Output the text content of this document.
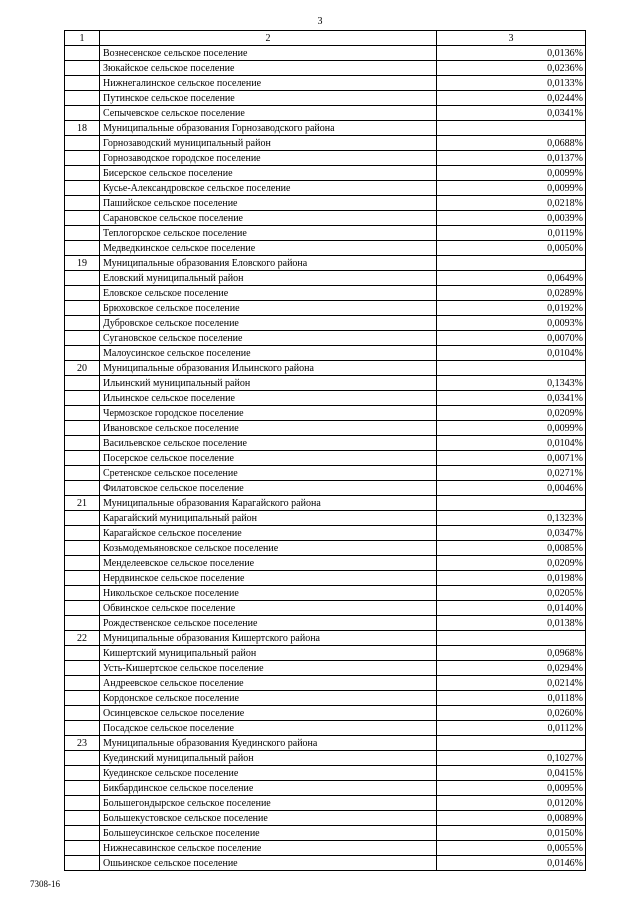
3
1	2	3
	Вознесенское сельское поселение	0,0136%
	Зюкайское сельское поселение	0,0236%
	Нижнегалинское сельское поселение	0,0133%
	Путинское сельское поселение	0,0244%
	Сепычевское сельское поселение	0,0341%
18	Муниципальные образования Горнозаводского района	
	Горнозаводский муниципальный район	0,0688%
	Горнозаводское городское поселение	0,0137%
	Бисерское сельское поселение	0,0099%
	Кусье-Александровское сельское поселение	0,0099%
	Пашийское сельское поселение	0,0218%
	Сарановское сельское поселение	0,0039%
	Теплогорское сельское поселение	0,0119%
	Медведкинское сельское поселение	0,0050%
19	Муниципальные образования Еловского района	
	Еловский муниципальный район	0,0649%
	Еловское сельское поселение	0,0289%
	Брюховское сельское поселение	0,0192%
	Дубровское сельское поселение	0,0093%
	Сугановское сельское поселение	0,0070%
	Малоусинское сельское поселение	0,0104%
20	Муниципальные образования Ильинского района	
	Ильинский муниципальный район	0,1343%
	Ильинское сельское поселение	0,0341%
	Чермозское городское поселение	0,0209%
	Ивановское сельское поселение	0,0099%
	Васильевское сельское поселение	0,0104%
	Посерское сельское поселение	0,0071%
	Сретенское сельское поселение	0,0271%
	Филатовское сельское поселение	0,0046%
21	Муниципальные образования Карагайского района	
	Карагайский муниципальный район	0,1323%
	Карагайское сельское поселение	0,0347%
	Козьмодемьяновское сельское поселение	0,0085%
	Менделеевское сельское поселение	0,0209%
	Нердвинское сельское поселение	0,0198%
	Никольское сельское поселение	0,0205%
	Обвинское сельское поселение	0,0140%
	Рождественское сельское поселение	0,0138%
22	Муниципальные образования Кишертского района	
	Кишертский муниципальный район	0,0968%
	Усть-Кишертское сельское поселение	0,0294%
	Андреевское сельское поселение	0,0214%
	Кордонское сельское поселение	0,0118%
	Осинцевское сельское поселение	0,0260%
	Посадское сельское поселение	0,0112%
23	Муниципальные образования Куединского района	
	Куединский муниципальный район	0,1027%
	Куединское сельское поселение	0,0415%
	Бикбардинское сельское поселение	0,0095%
	Большегондырское сельское поселение	0,0120%
	Большекустовское сельское поселение	0,0089%
	Большеусинское сельское поселение	0,0150%
	Нижнесавинское сельское поселение	0,0055%
	Ошьинское сельское поселение	0,0146%
7308-16
